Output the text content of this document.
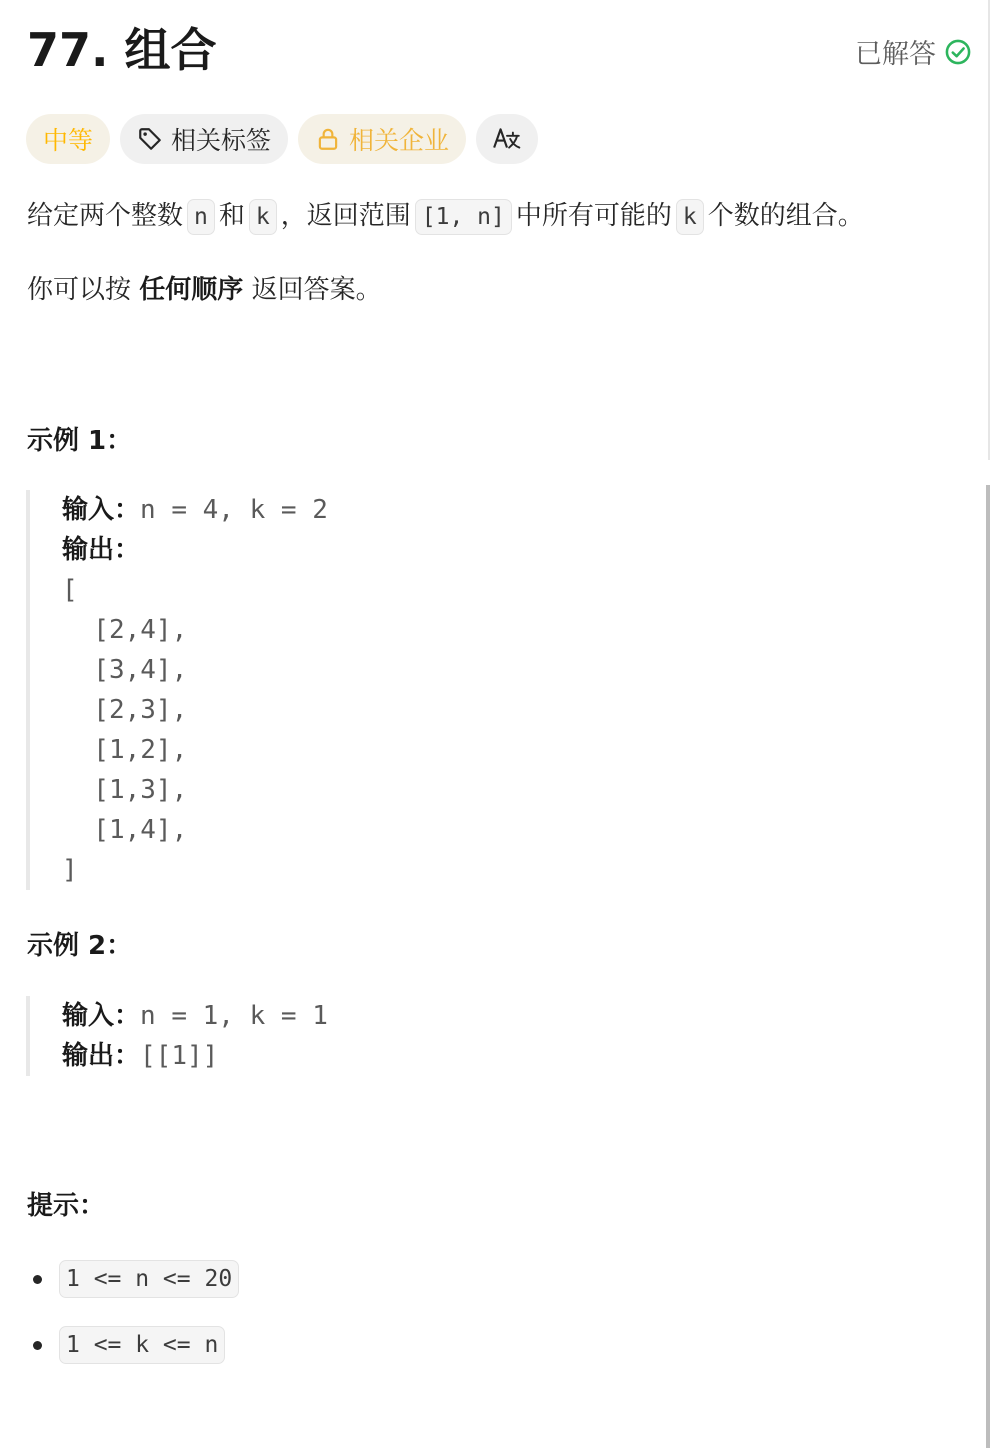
77. 组合	已解答
中等	相关标签	相关企业
给定两个整数 n 和 k ，返回范围 [1, n] 中所有可能的 k 个数的组合。
你可以按 任何顺序 返回答案。
示例 1：
输入：n = 4, k = 2
输出：
[
[2,4],
[3,4],
[2,3],
[1,2],
[1,3],
[1,4],
]
示例 2：
输入：n = 1, k = 1
输出：[[1]]
提示：
1 <= n <= 20
1 <= k <= n
